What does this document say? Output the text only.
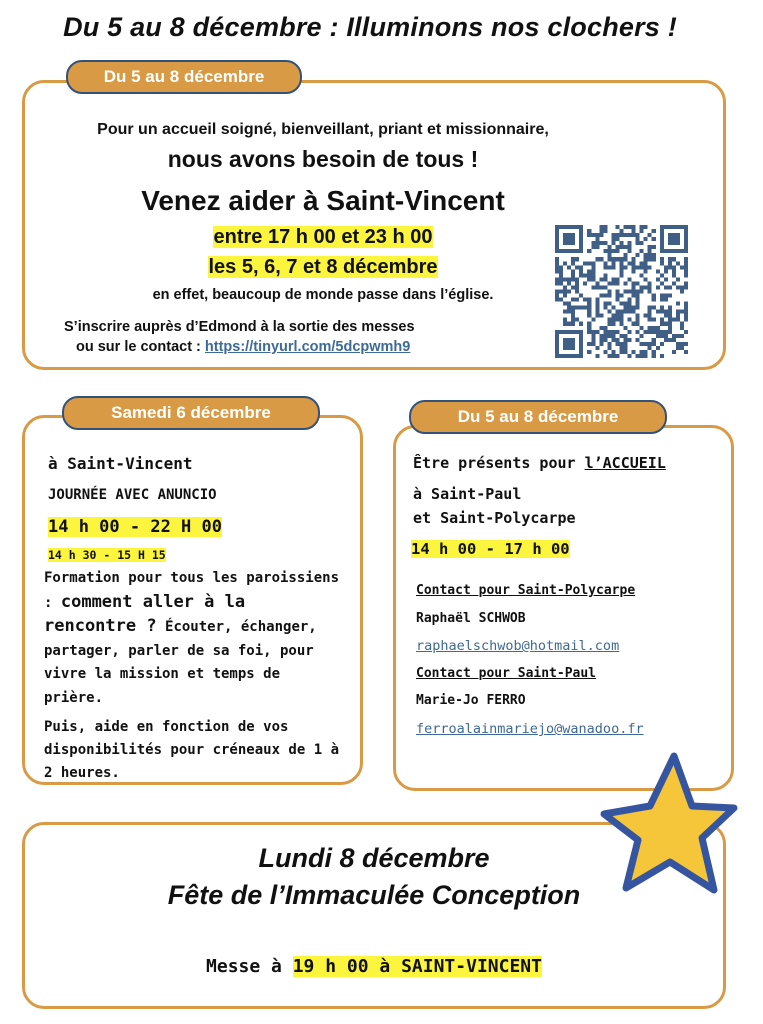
Du 5 au 8 décembre : Illuminons nos clochers !
Du 5 au 8 décembre
Pour un accueil soigné, bienveillant, priant et missionnaire,
nous avons besoin de tous !
Venez aider à Saint-Vincent
entre 17 h 00 et 23 h 00
les 5, 6, 7 et 8 décembre
en effet, beaucoup de monde passe dans l’église.
S’inscrire auprès d’Edmond à la sortie des messes
ou sur le contact : https://tinyurl.com/5dcpwmh9
Samedi 6 décembre
à Saint-Vincent
JOURNÉE AVEC ANUNCIO
14 h 00 - 22 H 00
14 h 30 - 15 H 15
Formation pour tous les paroissiens : comment aller à la rencontre ? Écouter, échanger, partager, parler de sa foi, pour vivre la mission et temps de prière.
Puis, aide en fonction de vos disponibilités pour créneaux de 1 à 2 heures.
Du 5 au 8 décembre
Être présents pour l’ACCUEIL
à Saint-Paul
et Saint-Polycarpe
14 h 00 - 17 h 00
Contact pour Saint-Polycarpe
Raphaël SCHWOB
raphaelschwob@hotmail.com
Contact pour Saint-Paul
Marie-Jo FERRO
ferroalainmariejo@wanadoo.fr
Lundi 8 décembre
Fête de l’Immaculée Conception
Messe à 19 h 00 à SAINT-VINCENT
